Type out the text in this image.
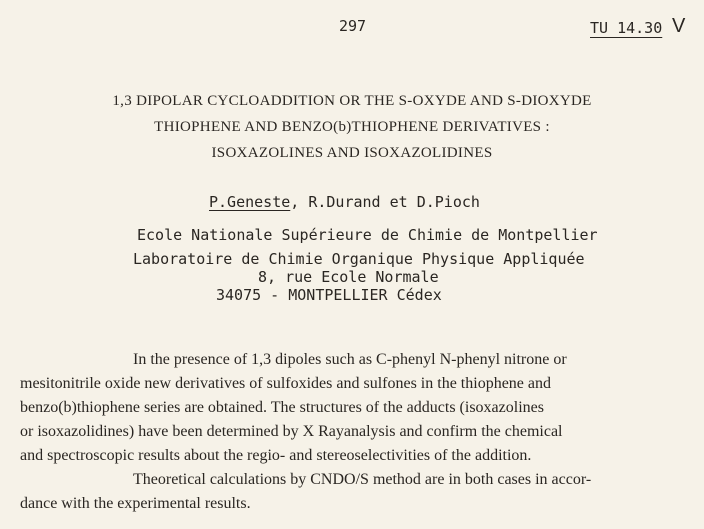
297	TU 14.30 V
1,3 DIPOLAR CYCLOADDITION OR THE S-OXYDE AND S-DIOXYDE
THIOPHENE AND BENZO(b)THIOPHENE DERIVATIVES :
ISOXAZOLINES AND ISOXAZOLIDINES
P.Geneste, R.Durand et D.Pioch
Ecole Nationale Supérieure de Chimie de Montpellier
Laboratoire de Chimie Organique Physique Appliquée
8, rue Ecole Normale
34075 - MONTPELLIER Cédex
In the presence of 1,3 dipoles such as C-phenyl N-phenyl nitrone or
mesitonitrile oxide new derivatives of sulfoxides and sulfones in the thiophene and
benzo(b)thiophene series are obtained. The structures of the adducts (isoxazolines
or isoxazolidines) have been determined by X Rayanalysis and confirm the chemical
and spectroscopic results about the regio- and stereoselectivities of the addition.
Theoretical calculations by CNDO/S method are in both cases in accor-
dance with the experimental results.
